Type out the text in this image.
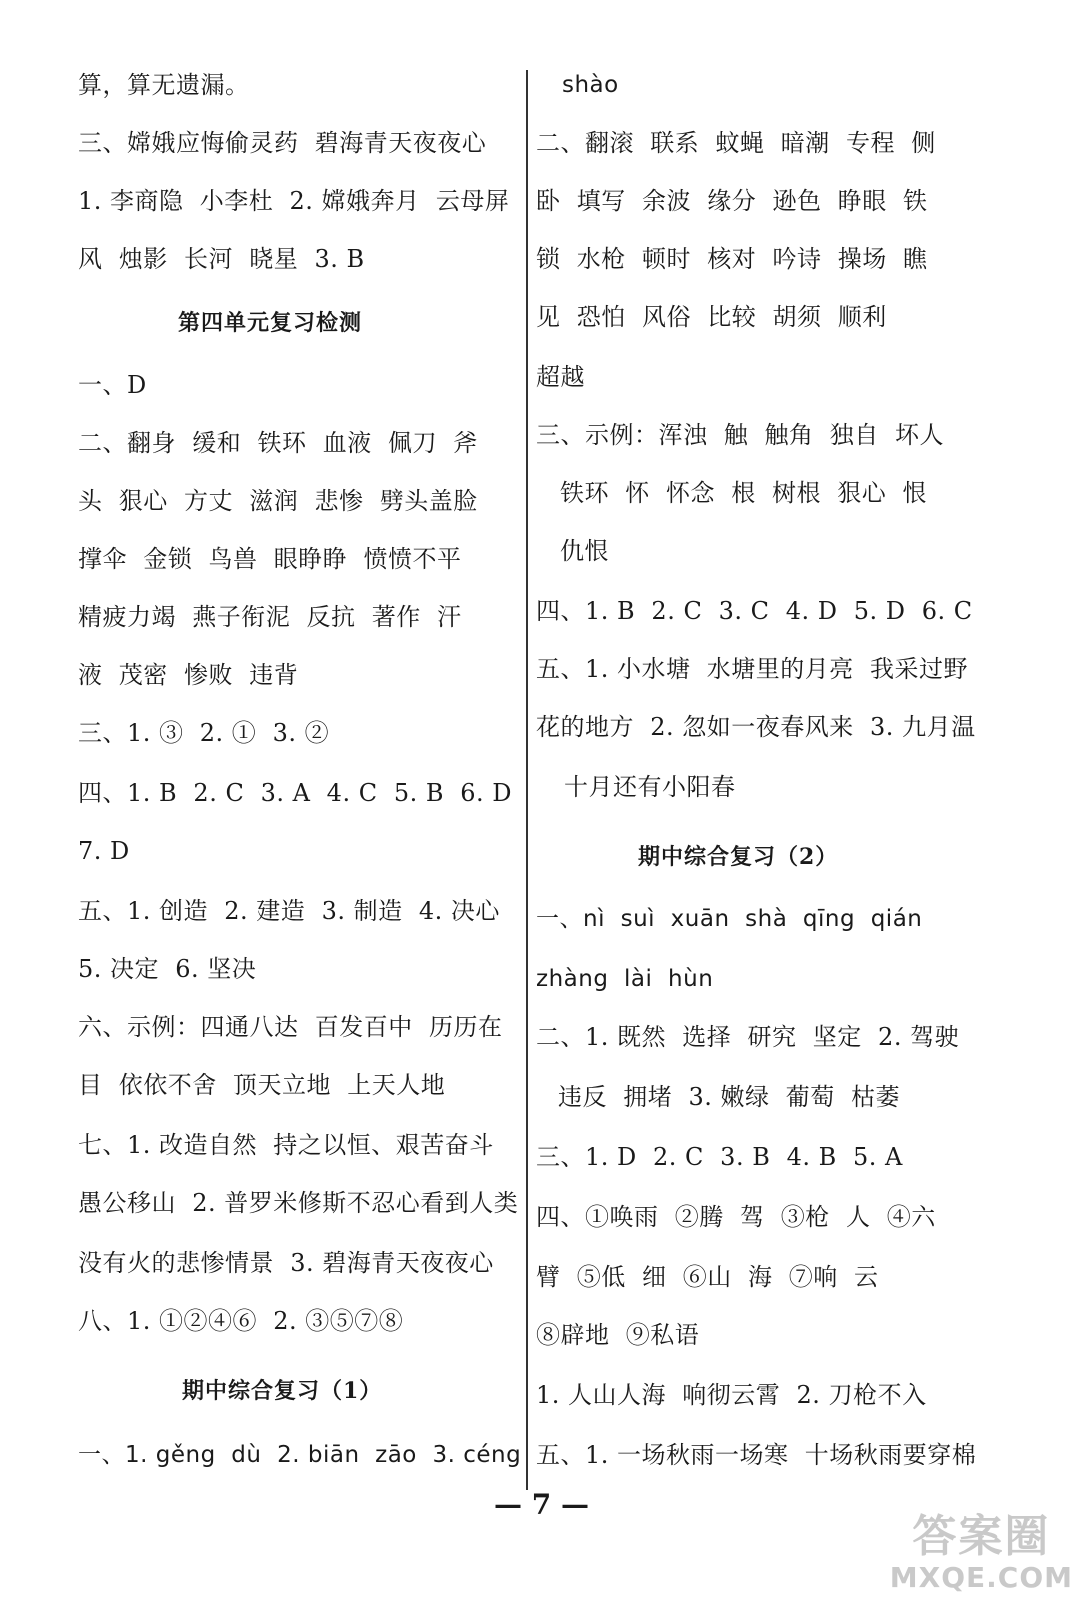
算，算无遗漏。
三、嫦娥应悔偷灵药  碧海青天夜夜心
1. 李商隐  小李杜  2. 嫦娥奔月  云母屏
风  烛影  长河  晓星  3. B
第四单元复习检测
一、D
二、翻身  缓和  铁环  血液  佩刀  斧
头  狠心  方丈  滋润  悲惨  劈头盖脸
撑伞  金锁  鸟兽  眼睁睁  愤愤不平
精疲力竭  燕子衔泥  反抗  著作  汗
液  茂密  惨败  违背
三、1. ③  2. ①  3. ②
四、1. B  2. C  3. A  4. C  5. B  6. D
7. D
五、1. 创造  2. 建造  3. 制造  4. 决心
5. 决定  6. 坚决
六、示例：四通八达  百发百中  历历在
目  依依不舍  顶天立地  上天人地
七、1. 改造自然  持之以恒、艰苦奋斗
愚公移山  2. 普罗米修斯不忍心看到人类
没有火的悲惨情景  3. 碧海青天夜夜心
八、1. ①②④⑥  2. ③⑤⑦⑧
期中综合复习（1）
一、1. gěng  dù  2. biān  zāo  3. céng
shào
二、翻滚  联系  蚊蝇  暗潮  专程  侧
卧  填写  余波  缘分  逊色  睁眼  铁
锁  水枪  顿时  核对  吟诗  操场  瞧
见  恐怕  风俗  比较  胡须  顺利
超越
三、示例：浑浊  触  触角  独自  坏人
铁环  怀  怀念  根  树根  狠心  恨
仇恨
四、1. B  2. C  3. C  4. D  5. D  6. C
五、1. 小水塘  水塘里的月亮  我采过野
花的地方  2. 忽如一夜春风来  3. 九月温
十月还有小阳春
期中综合复习（2）
一、nì  suì  xuān  shà  qīng  qián
zhàng  lài  hùn
二、1. 既然  选择  研究  坚定  2. 驾驶
违反  拥堵  3. 嫩绿  葡萄  枯萎
三、1. D  2. C  3. B  4. B  5. A
四、①唤雨  ②腾  驾  ③枪  人  ④六
臂  ⑤低  细  ⑥山  海  ⑦响  云
⑧辟地  ⑨私语
1. 人山人海  响彻云霄  2. 刀枪不入
五、1. 一场秋雨一场寒  十场秋雨要穿棉
— 7 —
答案圈
MXQE.COM
